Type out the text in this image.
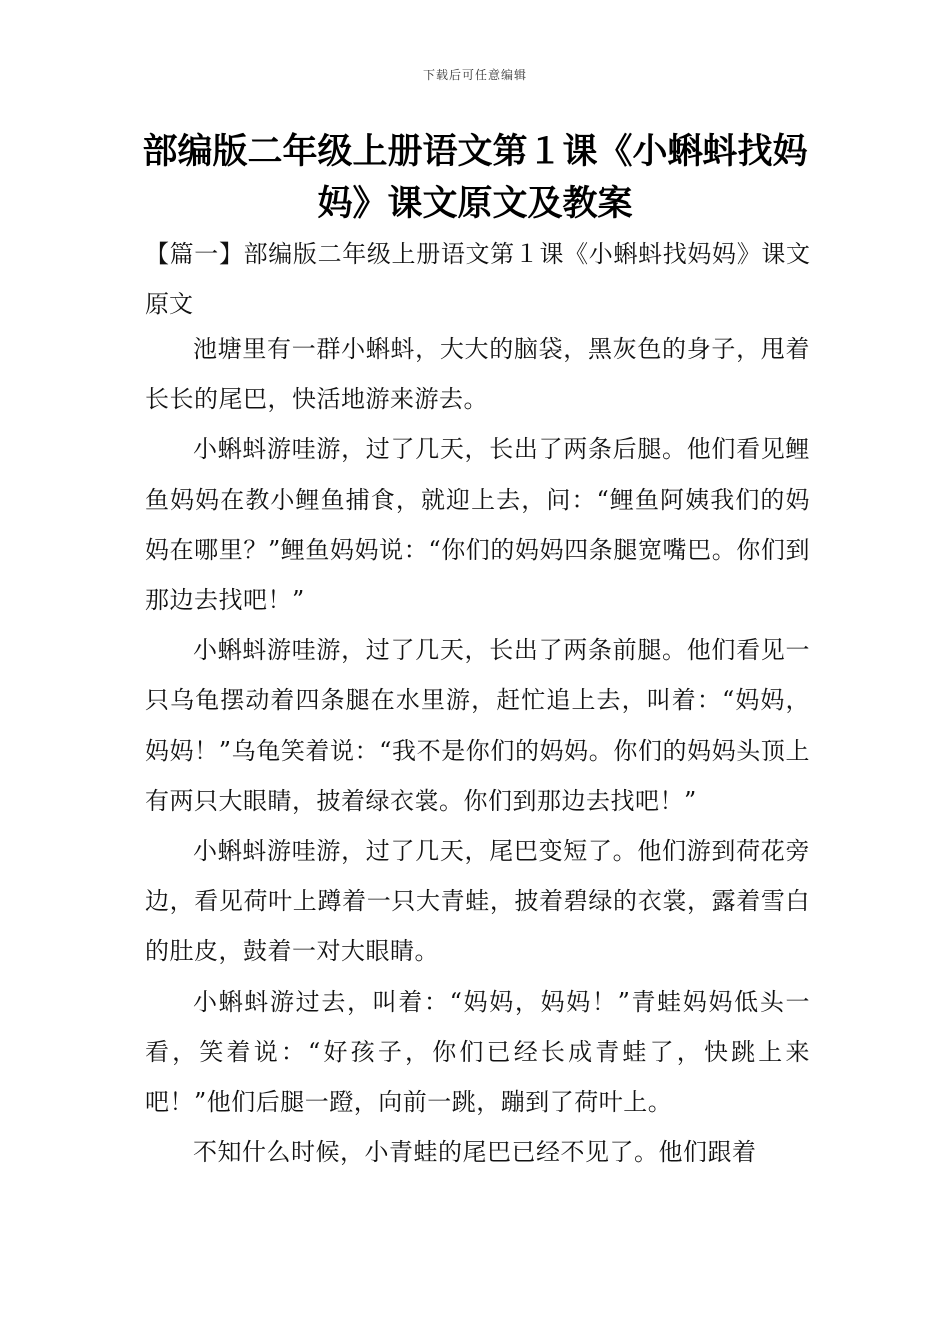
下载后可任意编辑
部编版二年级上册语文第１课《小蝌蚪找妈妈》课文原文及教案
【篇一】部编版二年级上册语文第１课《小蝌蚪找妈妈》课文原文

池塘里有一群小蝌蚪，大大的脑袋，黑灰色的身子，甩着长长的尾巴，快活地游来游去。

小蝌蚪游哇游，过了几天，长出了两条后腿。他们看见鲤鱼妈妈在教小鲤鱼捕食，就迎上去，问：“鲤鱼阿姨我们的妈妈在哪里？”鲤鱼妈妈说：“你们的妈妈四条腿宽嘴巴。你们到那边去找吧！”

小蝌蚪游哇游，过了几天，长出了两条前腿。他们看见一只乌龟摆动着四条腿在水里游，赶忙追上去，叫着：“妈妈，妈妈！”乌龟笑着说：“我不是你们的妈妈。你们的妈妈头顶上有两只大眼睛，披着绿衣裳。你们到那边去找吧！”

小蝌蚪游哇游，过了几天，尾巴变短了。他们游到荷花旁边，看见荷叶上蹲着一只大青蛙，披着碧绿的衣裳，露着雪白的肚皮，鼓着一对大眼睛。

小蝌蚪游过去，叫着：“妈妈，妈妈！”青蛙妈妈低头一看，笑着说：“好孩子，你们已经长成青蛙了，快跳上来吧！”他们后腿一蹬，向前一跳，蹦到了荷叶上。

不知什么时候，小青蛙的尾巴已经不见了。他们跟着
